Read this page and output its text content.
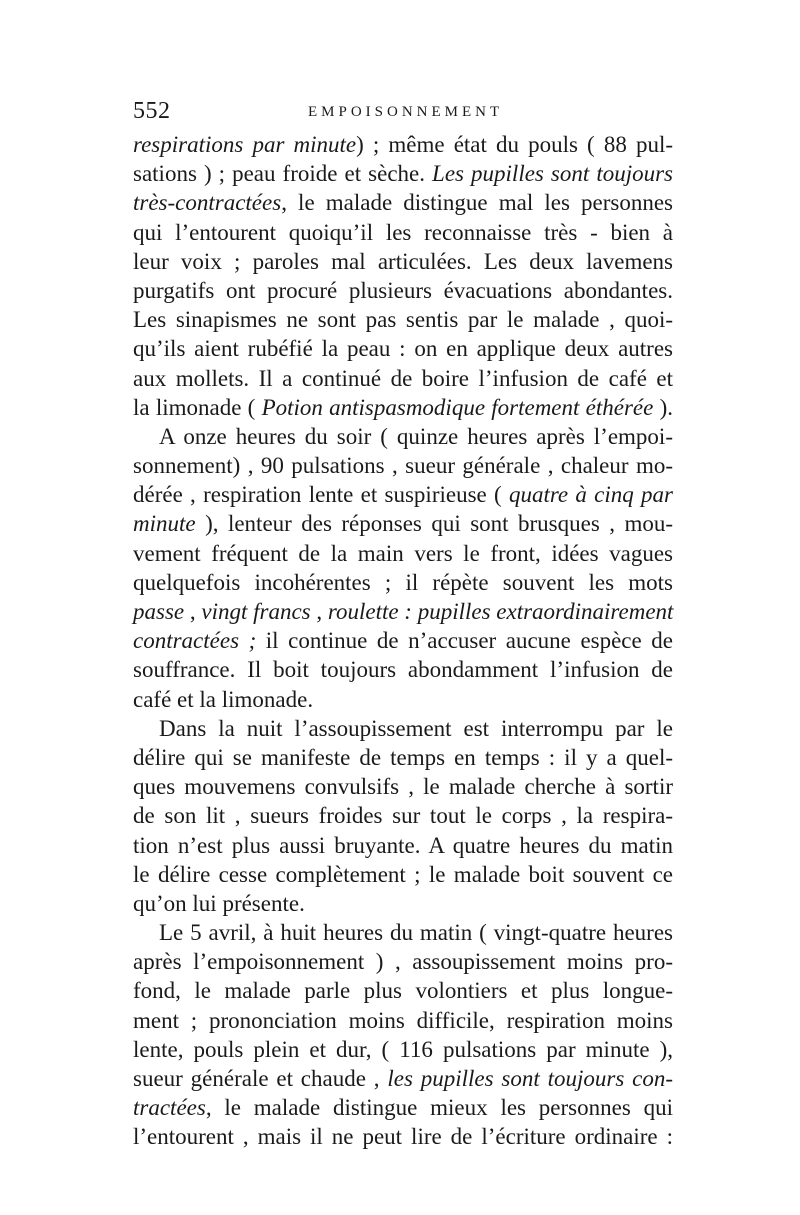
552	EMPOISONNEMENT
respirations par minute) ; même état du pouls ( 88 pul-
sations ) ; peau froide et sèche. Les pupilles sont toujours
très-contractées, le malade distingue mal les personnes
qui l’entourent quoiqu’il les reconnaisse très - bien à
leur voix ; paroles mal articulées. Les deux lavemens
purgatifs ont procuré plusieurs évacuations abondantes.
Les sinapismes ne sont pas sentis par le malade , quoi-
qu’ils aient rubéfié la peau : on en applique deux autres
aux mollets. Il a continué de boire l’infusion de café et
la limonade ( Potion antispasmodique fortement éthérée ).
A onze heures du soir ( quinze heures après l’empoi-
sonnement) , 90 pulsations , sueur générale , chaleur mo-
dérée , respiration lente et suspirieuse ( quatre à cinq par
minute ), lenteur des réponses qui sont brusques , mou-
vement fréquent de la main vers le front, idées vagues
quelquefois incohérentes ; il répète souvent les mots
passe , vingt francs , roulette : pupilles extraordinairement
contractées ; il continue de n’accuser aucune espèce de
souffrance. Il boit toujours abondamment l’infusion de
café et la limonade.
Dans la nuit l’assoupissement est interrompu par le
délire qui se manifeste de temps en temps : il y a quel-
ques mouvemens convulsifs , le malade cherche à sortir
de son lit , sueurs froides sur tout le corps , la respira-
tion n’est plus aussi bruyante. A quatre heures du matin
le délire cesse complètement ; le malade boit souvent ce
qu’on lui présente.
Le 5 avril, à huit heures du matin ( vingt-quatre heures
après l’empoisonnement ) , assoupissement moins pro-
fond, le malade parle plus volontiers et plus longue-
ment ; prononciation moins difficile, respiration moins
lente, pouls plein et dur, ( 116 pulsations par minute ),
sueur générale et chaude , les pupilles sont toujours con-
tractées, le malade distingue mieux les personnes qui
l’entourent , mais il ne peut lire de l’écriture ordinaire :
